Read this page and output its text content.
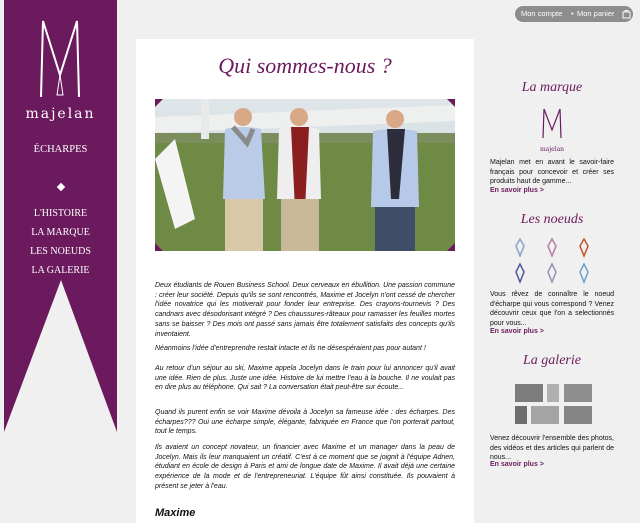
majelan
ÉCHARPES
L'HISTOIRE
LA MARQUE
LES NOEUDS
LA GALERIE
Mon compte • Mon panier
Qui sommes-nous ?
Deux étudiants de Rouen Business School. Deux cerveaux en ébullition. Une passion commune : créer leur société. Depuis qu'ils se sont rencontrés, Maxime et Jocelyn n'ont cessé de chercher l'idée novatrice qui les motiverait pour fonder leur entreprise. Des crayons-tournevis ? Des candnars avec désodorisant intégré ? Des chaussures-râteaux pour ramasser les feuilles mortes sans se baisser ? Des mois ont passé sans jamais être totalement satisfaits des concepts qu'ils inventaient.
Néanmoins l'idée d'entreprendre restait intacte et ils ne désespéraient pas pour autant !
Au retour d'un séjour au ski, Maxime appela Jocelyn dans le train pour lui annoncer qu'il avait une idée. Rien de plus. Juste une idée. Histoire de lui mettre l'eau à la bouche. Il ne voulait pas en dire plus au téléphone. Qui sait ? La conversation était peut-être sur écoute...
Quand ils purent enfin se voir Maxime dévoila à Jocelyn sa fameuse idée : des écharpes. Des écharpes??? Oui une écharpe simple, élégante, fabriquée en France que l'on porterait partout, tout le temps.
Ils avaient un concept novateur, un financier avec Maxime et un manager dans la peau de Jocelyn. Mais ils leur manquaient un créatif. C'est à ce moment que se joignit à l'équipe Adrien, étudiant en école de design à Paris et ami de longue date de Maxime. Il avait déjà une certaine expérience de la mode et de l'entrepreneuriat. L'équipe fût ainsi constituée. Ils pouvaient à présent se jeter à l'eau.
Maxime
La marque
majelan
Majelan met en avant le savoir-faire français pour concevoir et créer ses produits haut de gamme...
En savoir plus >
Les noeuds
Vous rêvez de connaître le noeud d'écharpe qui vous correspond ? Venez découvrir ceux que l'on a selectionnés pour vous...
En savoir plus >
La galerie
Venez découvrir l'ensemble des photos, des vidéos et des articles qui parlent de nous...
En savoir plus >
